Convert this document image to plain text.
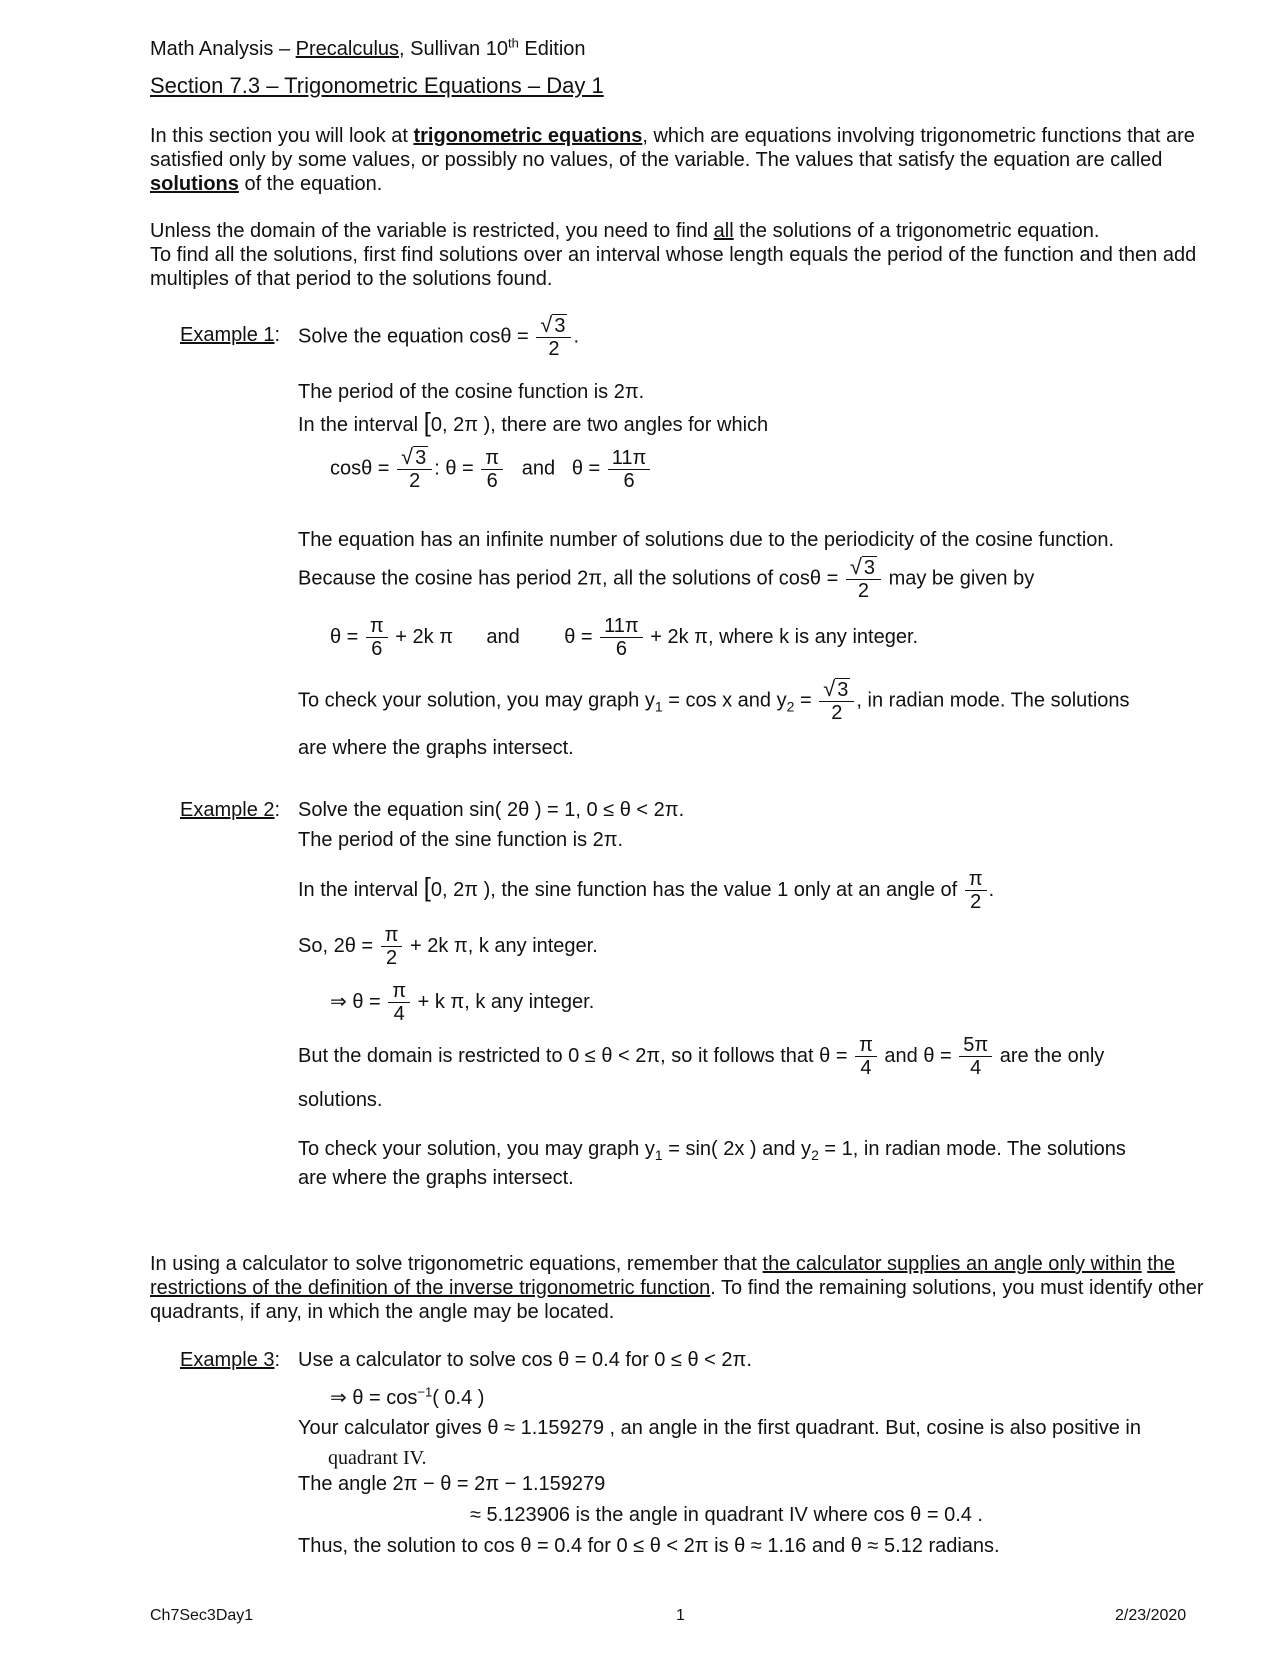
Math Analysis – Precalculus, Sullivan 10th Edition
Section 7.3 – Trigonometric Equations – Day 1
In this section you will look at trigonometric equations, which are equations involving trigonometric functions that are satisfied only by some values, or possibly no values, of the variable. The values that satisfy the equation are called solutions of the equation.
Unless the domain of the variable is restricted, you need to find all the solutions of a trigonometric equation.
To find all the solutions, first find solutions over an interval whose length equals the period of the function and then add multiples of that period to the solutions found.
Example 1: Solve the equation $\cos\theta = \frac{√ 3}{2}$ .
The period of the cosine function is 2π.
In the interval [0, 2π ), there are two angles for which
$\cos\theta = \frac{√ 3}{2}$ : $\theta = \frac{\pi}{6}$ and $\theta = \frac{11\pi}{6}$
The equation has an infinite number of solutions due to the periodicity of the cosine function.
Because the cosine has period 2π, all the solutions of $\cos\theta = \frac{√ 3}{2}$ may be given by
$\theta = \frac{\pi}{6} + 2k$ π and $\theta = \frac{11\pi}{6} + 2k$ π, where k is any integer.
To check your solution, you may graph $y_1 = \cos x$ and $y_2 = \frac{√ 3}{2}$ , in radian mode. The solutions
are where the graphs intersect.
Example 2: Solve the equation sin( 2θ ) = 1, 0 ≤ θ < 2π.
The period of the sine function is 2π.
In the interval [0, 2π ), the sine function has the value 1 only at an angle of $\frac{\pi}{2}$ .
So, $2\theta = \frac{\pi}{2} + 2k$ π, k any integer.
⇒ $\theta = \frac{\pi}{4} + k$ π, k any integer.
But the domain is restricted to 0 ≤ θ < 2π, so it follows that $\theta = \frac{\pi}{4}$ and $\theta = \frac{5\pi}{4}$ are the only
solutions.
To check your solution, you may graph $y_1 = \sin$( 2x ) and $y_2 = 1$, in radian mode. The solutions
are where the graphs intersect.
In using a calculator to solve trigonometric equations, remember that the calculator supplies an angle only within the restrictions of the definition of the inverse trigonometric function. To find the remaining solutions, you must identify other quadrants, if any, in which the angle may be located.
Example 3: Use a calculator to solve cos θ = 0.4 for 0 ≤ θ < 2π.
⇒ $\theta = \cos^{-1}$( 0.4 )
Your calculator gives θ ≈ 1.159279 , an angle in the first quadrant. But, cosine is also positive in
quadrant IV.
The angle 2π − θ = 2π − 1.159279
≈ 5.123906 is the angle in quadrant IV where cos θ = 0.4 .
Thus, the solution to cos θ = 0.4 for 0 ≤ θ < 2π is θ ≈ 1.16 and θ ≈ 5.12 radians.
Ch7Sec3Day1	1	2/23/2020
